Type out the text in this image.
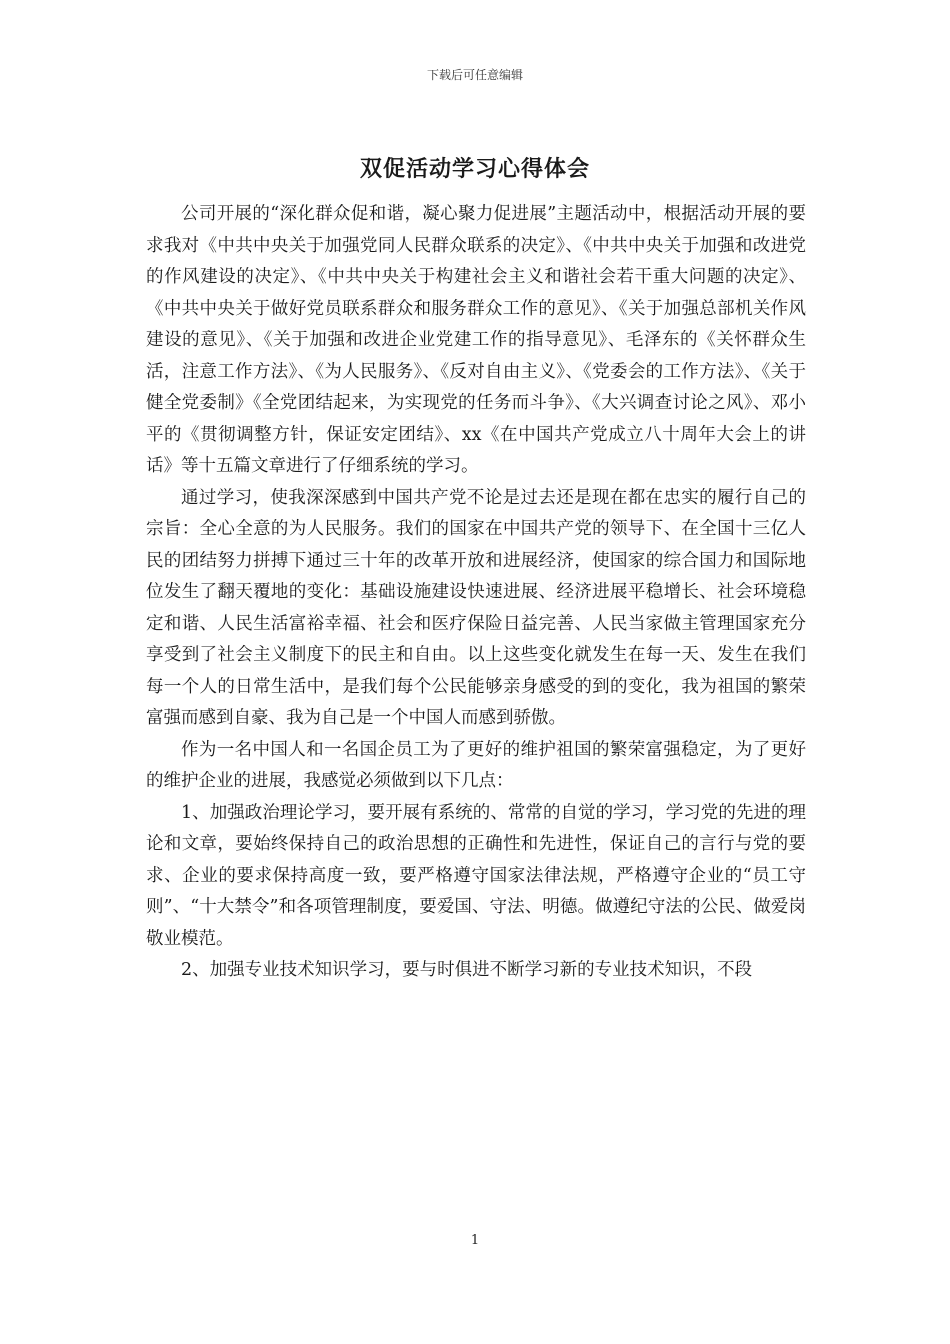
下载后可任意编辑
双促活动学习心得体会

公司开展的“深化群众促和谐，凝心聚力促进展”主题活动中，根据活动开展的要求我对《中共中央关于加强党同人民群众联系的决定》、《中共中央关于加强和改进党的作风建设的决定》、《中共中央关于构建社会主义和谐社会若干重大问题的决定》、《中共中央关于做好党员联系群众和服务群众工作的意见》、《关于加强总部机关作风建设的意见》、《关于加强和改进企业党建工作的指导意见》、毛泽东的《关怀群众生活，注意工作方法》、《为人民服务》、《反对自由主义》、《党委会的工作方法》、《关于健全党委制》《全党团结起来，为实现党的任务而斗争》、《大兴调查讨论之风》、邓小平的《贯彻调整方针，保证安定团结》、xx《在中国共产党成立八十周年大会上的讲话》等十五篇文章进行了仔细系统的学习。

通过学习，使我深深感到中国共产党不论是过去还是现在都在忠实的履行自己的宗旨：全心全意的为人民服务。我们的国家在中国共产党的领导下、在全国十三亿人民的团结努力拼搏下通过三十年的改革开放和进展经济，使国家的综合国力和国际地位发生了翻天覆地的变化：基础设施建设快速进展、经济进展平稳增长、社会环境稳定和谐、人民生活富裕幸福、社会和医疗保险日益完善、人民当家做主管理国家充分享受到了社会主义制度下的民主和自由。以上这些变化就发生在每一天、发生在我们每一个人的日常生活中，是我们每个公民能够亲身感受的到的变化，我为祖国的繁荣富强而感到自豪、我为自己是一个中国人而感到骄傲。

作为一名中国人和一名国企员工为了更好的维护祖国的繁荣富强稳定，为了更好的维护企业的进展，我感觉必须做到以下几点：

1、加强政治理论学习，要开展有系统的、常常的自觉的学习，学习党的先进的理论和文章，要始终保持自己的政治思想的正确性和先进性，保证自己的言行与党的要求、企业的要求保持高度一致，要严格遵守国家法律法规，严格遵守企业的“员工守则”、“十大禁令”和各项管理制度，要爱国、守法、明德。做遵纪守法的公民、做爱岗敬业模范。

2、加强专业技术知识学习，要与时俱进不断学习新的专业技术知识，不段

1
